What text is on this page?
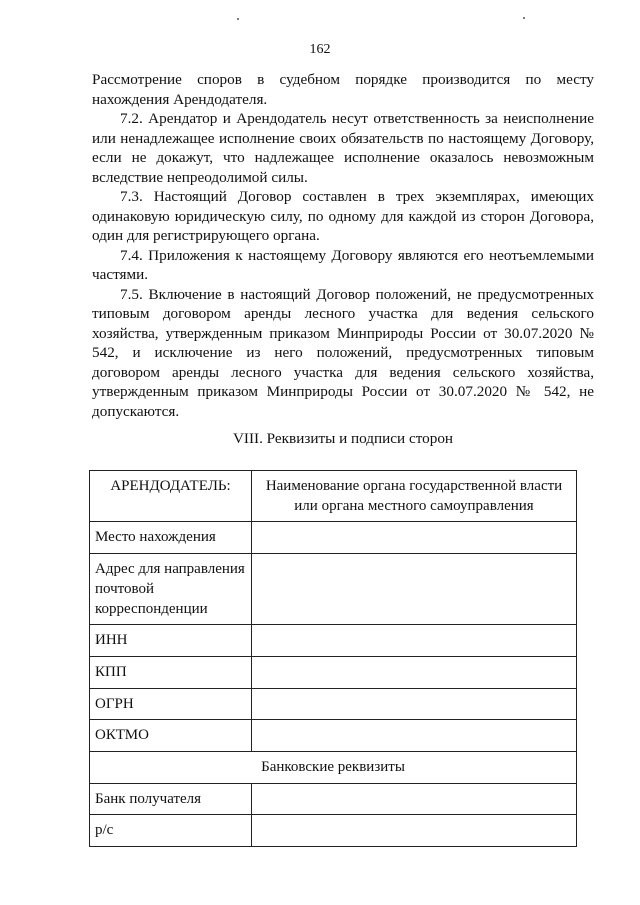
162

Рассмотрение споров в судебном порядке производится по месту нахождения Арендодателя.

7.2. Арендатор и Арендодатель несут ответственность за неисполнение или ненадлежащее исполнение своих обязательств по настоящему Договору, если не докажут, что надлежащее исполнение оказалось невозможным вследствие непреодолимой силы.

7.3. Настоящий Договор составлен в трех экземплярах, имеющих одинаковую юридическую силу, по одному для каждой из сторон Договора, один для регистрирующего органа.

7.4. Приложения к настоящему Договору являются его неотъемлемыми частями.

7.5. Включение в настоящий Договор положений, не предусмотренных типовым договором аренды лесного участка для ведения сельского хозяйства, утвержденным приказом Минприроды России от 30.07.2020 № 542, и исключение из него положений, предусмотренных типовым договором аренды лесного участка для ведения сельского хозяйства, утвержденным приказом Минприроды России от 30.07.2020 № 542, не допускаются.

VIII. Реквизиты и подписи сторон
АРЕНДОДАТЕЛЬ:	Наименование органа государственной власти или органа местного самоуправления
Место нахождения	
Адрес для направления почтовой корреспонденции	
ИНН	
КПП	
ОГРН	
ОКТМО	
Банковские реквизиты	
Банк получателя	
р/с	
